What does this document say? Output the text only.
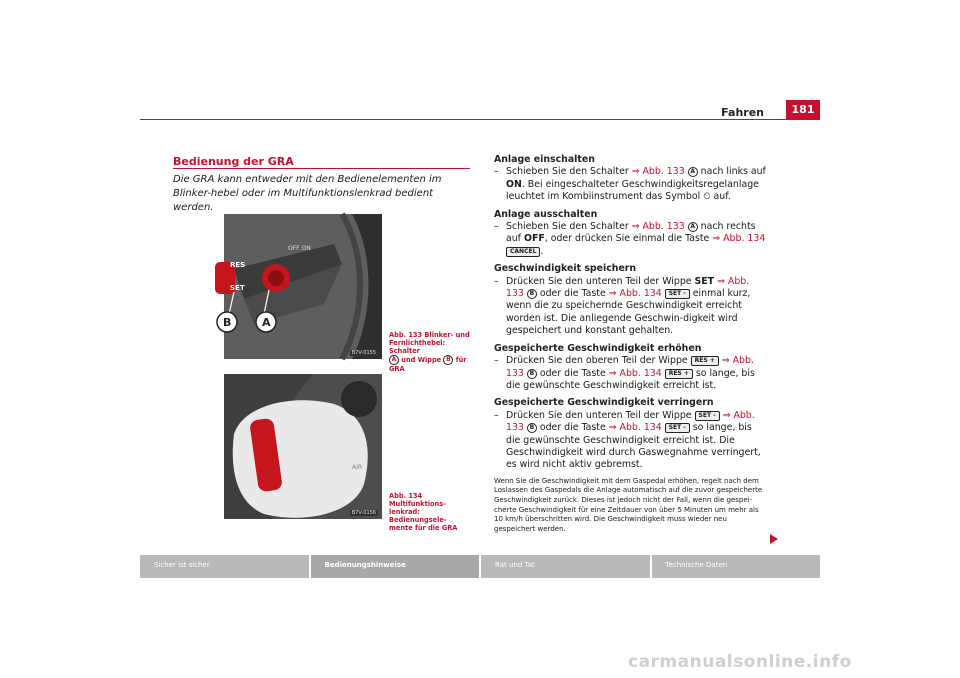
Fahren	181
Bedienung der GRA
Die GRA kann entweder mit den Bedienelementen im Blinker-hebel oder im Multifunktionslenkrad bedient werden.
RES
SET
OFF ON
B	A
B7V-0155
Abb. 133 Blinker- und
Fernlichthebel: Schalter
A und Wippe B für GRA
AIR
B7V-0156
Abb. 134 Multifunktions-
lenkrad: Bedienungsele-
mente für die GRA
Anlage einschalten
– Schieben Sie den Schalter ⇒ Abb. 133 A nach links auf ON. Bei eingeschalteter Geschwindigkeitsregelanlage leuchtet im Kombiinstrument das Symbol ⏲ auf.
Anlage ausschalten
– Schieben Sie den Schalter ⇒ Abb. 133 A nach rechts auf OFF, oder drücken Sie einmal die Taste ⇒ Abb. 134 CANCEL .
Geschwindigkeit speichern
– Drücken Sie den unteren Teil der Wippe SET ⇒ Abb. 133 B oder die Taste ⇒ Abb. 134 SET - einmal kurz, wenn die zu speichernde Geschwindigkeit erreicht worden ist. Die anliegende Geschwin-digkeit wird gespeichert und konstant gehalten.
Gespeicherte Geschwindigkeit erhöhen
– Drücken Sie den oberen Teil der Wippe RES + ⇒ Abb. 133 B oder die Taste ⇒ Abb. 134 RES + so lange, bis die gewünschte Geschwindigkeit erreicht ist.
Gespeicherte Geschwindigkeit verringern
– Drücken Sie den unteren Teil der Wippe SET - ⇒ Abb. 133 B oder die Taste ⇒ Abb. 134 SET - so lange, bis die gewünschte Geschwindigkeit erreicht ist. Die Geschwindigkeit wird durch Gaswegnahme verringert, es wird nicht aktiv gebremst.
Wenn Sie die Geschwindigkeit mit dem Gaspedal erhöhen, regelt nach dem Loslassen des Gaspedals die Anlage automatisch auf die zuvor gespeicherte Geschwindigkeit zurück. Dieses ist jedoch nicht der Fall, wenn die gespei-cherte Geschwindigkeit für eine Zeitdauer von über 5 Minuten um mehr als 10 km/h überschritten wird. Die Geschwindigkeit muss wieder neu gespeichert werden.
Sicher ist sicher	Bedienungshinweise	Rat und Tat	Technische Daten
carmanualsonline.info
